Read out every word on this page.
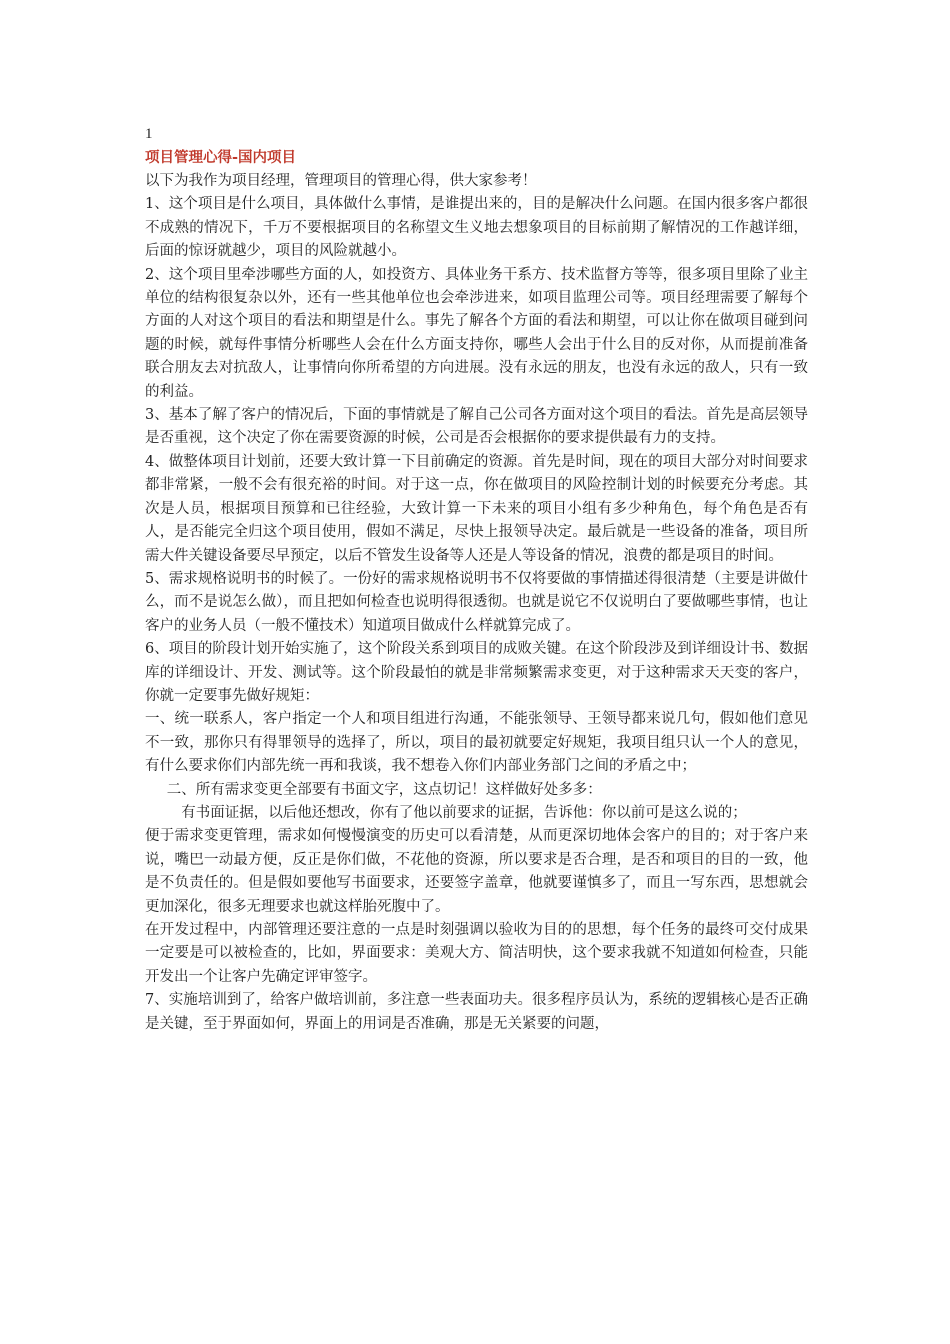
1
项目管理心得-国内项目

以下为我作为项目经理，管理项目的管理心得，供大家参考！

1、这个项目是什么项目，具体做什么事情，是谁提出来的，目的是解决什么问题。在国内很多客户都很不成熟的情况下，千万不要根据项目的名称望文生义地去想象项目的目标前期了解情况的工作越详细，后面的惊讶就越少，项目的风险就越小。

2、这个项目里牵涉哪些方面的人，如投资方、具体业务干系方、技术监督方等等，很多项目里除了业主单位的结构很复杂以外，还有一些其他单位也会牵涉进来，如项目监理公司等。项目经理需要了解每个方面的人对这个项目的看法和期望是什么。事先了解各个方面的看法和期望，可以让你在做项目碰到问题的时候，就每件事情分析哪些人会在什么方面支持你，哪些人会出于什么目的反对你，从而提前准备联合朋友去对抗敌人，让事情向你所希望的方向进展。没有永远的朋友，也没有永远的敌人，只有一致的利益。

3、基本了解了客户的情况后，下面的事情就是了解自己公司各方面对这个项目的看法。首先是高层领导是否重视，这个决定了你在需要资源的时候，公司是否会根据你的要求提供最有力的支持。

4、做整体项目计划前，还要大致计算一下目前确定的资源。首先是时间，现在的项目大部分对时间要求都非常紧，一般不会有很充裕的时间。对于这一点，你在做项目的风险控制计划的时候要充分考虑。其次是人员，根据项目预算和已往经验，大致计算一下未来的项目小组有多少种角色，每个角色是否有人，是否能完全归这个项目使用，假如不满足，尽快上报领导决定。最后就是一些设备的准备，项目所需大件关键设备要尽早预定，以后不管发生设备等人还是人等设备的情况，浪费的都是项目的时间。

5、需求规格说明书的时候了。一份好的需求规格说明书不仅将要做的事情描述得很清楚（主要是讲做什么，而不是说怎么做），而且把如何检查也说明得很透彻。也就是说它不仅说明白了要做哪些事情，也让客户的业务人员（一般不懂技术）知道项目做成什么样就算完成了。

6、项目的阶段计划开始实施了，这个阶段关系到项目的成败关键。在这个阶段涉及到详细设计书、数据库的详细设计、开发、测试等。这个阶段最怕的就是非常频繁需求变更，对于这种需求天天变的客户，你就一定要事先做好规矩：

一、统一联系人，客户指定一个人和项目组进行沟通，不能张领导、王领导都来说几句，假如他们意见不一致，那你只有得罪领导的选择了，所以，项目的最初就要定好规矩，我项目组只认一个人的意见，有什么要求你们内部先统一再和我谈，我不想卷入你们内部业务部门之间的矛盾之中；

二、所有需求变更全部要有书面文字，这点切记！这样做好处多多：

有书面证据，以后他还想改，你有了他以前要求的证据，告诉他：你以前可是这么说的；

便于需求变更管理，需求如何慢慢演变的历史可以看清楚，从而更深切地体会客户的目的；对于客户来说，嘴巴一动最方便，反正是你们做，不花他的资源，所以要求是否合理，是否和项目的目的一致，他是不负责任的。但是假如要他写书面要求，还要签字盖章，他就要谨慎多了，而且一写东西，思想就会更加深化，很多无理要求也就这样胎死腹中了。

在开发过程中，内部管理还要注意的一点是时刻强调以验收为目的的思想，每个任务的最终可交付成果一定要是可以被检查的，比如，界面要求：美观大方、简洁明快，这个要求我就不知道如何检查，只能开发出一个让客户先确定评审签字。

7、实施培训到了，给客户做培训前，多注意一些表面功夫。很多程序员认为，系统的逻辑核心是否正确是关键，至于界面如何，界面上的用词是否准确，那是无关紧要的问题，
